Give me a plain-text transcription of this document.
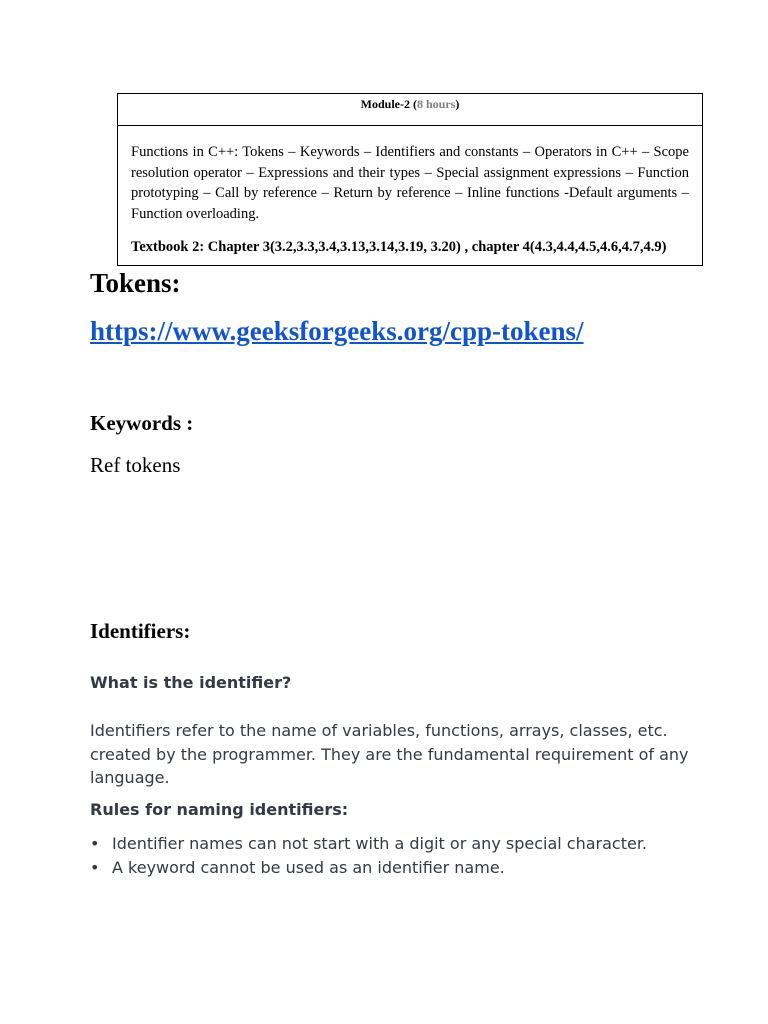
Module-2 (8 hours)
Functions in C++: Tokens – Keywords – Identifiers and constants – Operators in C++ – Scope resolution operator – Expressions and their types – Special assignment expressions – Function prototyping – Call by reference – Return by reference – Inline functions -Default arguments – Function overloading.
Textbook 2: Chapter 3(3.2,3.3,3.4,3.13,3.14,3.19, 3.20) , chapter 4(4.3,4.4,4.5,4.6,4.7,4.9)
Tokens:
https://www.geeksforgeeks.org/cpp-tokens/
Keywords :
Ref tokens
Identifiers:
What is the identifier?

Identifiers refer to the name of variables, functions, arrays, classes, etc. created by the programmer. They are the fundamental requirement of any language.

Rules for naming identifiers:
• Identifier names can not start with a digit or any special character.
• A keyword cannot be used as an identifier name.
